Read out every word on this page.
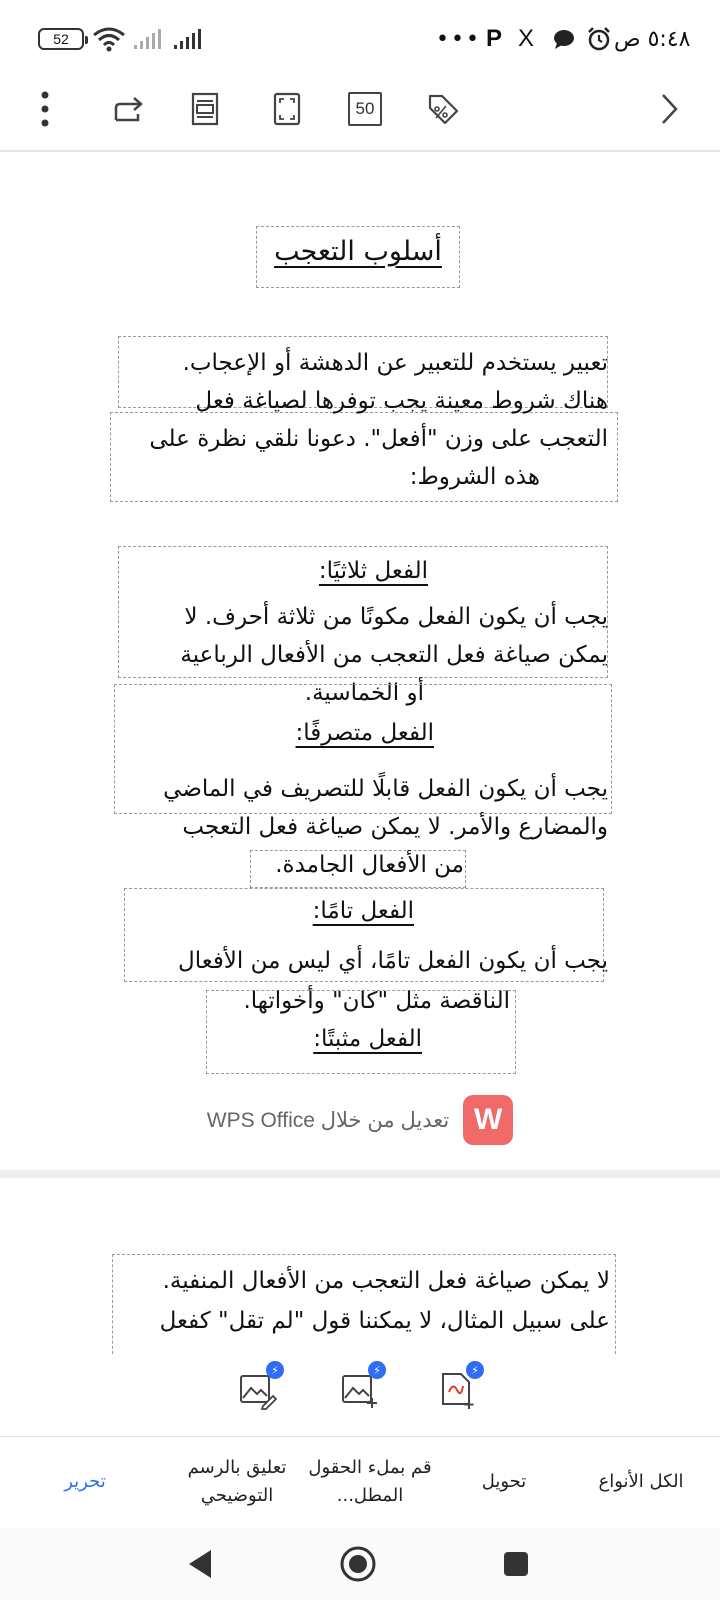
52	••• P X	٥:٤٨ ص
50
أسلوب التعجب
تعبير يستخدم للتعبير عن الدهشة أو الإعجاب.
هناك شروط معينة يجب توفرها لصياغة فعل
التعجب على وزن "أفعل". دعونا نلقي نظرة على
هذه الشروط:
الفعل ثلاثيًا:
يجب أن يكون الفعل مكونًا من ثلاثة أحرف. لا
يمكن صياغة فعل التعجب من الأفعال الرباعية
أو الخماسية.
الفعل متصرفًا:
يجب أن يكون الفعل قابلًا للتصريف في الماضي
والمضارع والأمر. لا يمكن صياغة فعل التعجب
من الأفعال الجامدة.
الفعل تامًا:
يجب أن يكون الفعل تامًا، أي ليس من الأفعال
الناقصة مثل "كان" وأخواتها.
الفعل مثبتًا:
تعديل من خلال WPS Office W
لا يمكن صياغة فعل التعجب من الأفعال المنفية.
على سبيل المثال، لا يمكننا قول "لم تقل" كفعل
⚡	⚡	⚡
تحرير
تعليق بالرسم التوضيحي
قم بملء الحقول المطل...
تحويل	الكل الأنواع
